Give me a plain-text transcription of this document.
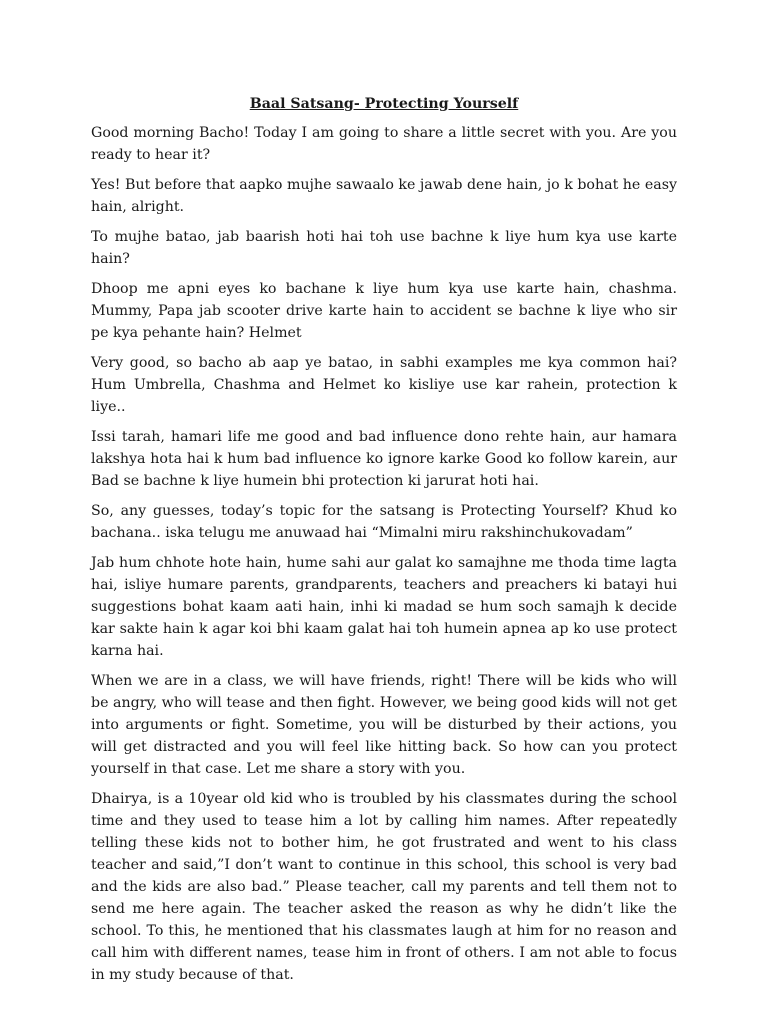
Baal Satsang- Protecting Yourself

Good morning Bacho! Today I am going to share a little secret with you. Are you ready to hear it?

Yes! But before that aapko mujhe sawaalo ke jawab dene hain, jo k bohat he easy hain, alright.

To mujhe batao, jab baarish hoti hai toh use bachne k liye hum kya use karte hain?

Dhoop me apni eyes ko bachane k liye hum kya use karte hain, chashma. Mummy, Papa jab scooter drive karte hain to accident se bachne k liye who sir pe kya pehante hain? Helmet

Very good, so bacho ab aap ye batao, in sabhi examples me kya common hai? Hum Umbrella, Chashma and Helmet ko kisliye use kar rahein, protection k liye..

Issi tarah, hamari life me good and bad influence dono rehte hain, aur hamara lakshya hota hai k hum bad influence ko ignore karke Good ko follow karein, aur Bad se bachne k liye humein bhi protection ki jarurat hoti hai.

So, any guesses, today’s topic for the satsang is Protecting Yourself? Khud ko bachana.. iska telugu me anuwaad hai “Mimalni miru rakshinchukovadam”

Jab hum chhote hote hain, hume sahi aur galat ko samajhne me thoda time lagta hai, isliye humare parents, grandparents, teachers and preachers ki batayi hui suggestions bohat kaam aati hain, inhi ki madad se hum soch samajh k decide kar sakte hain k agar koi bhi kaam galat hai toh humein apnea ap ko use protect karna hai.

When we are in a class, we will have friends, right! There will be kids who will be angry, who will tease and then fight. However, we being good kids will not get into arguments or fight. Sometime, you will be disturbed by their actions, you will get distracted and you will feel like hitting back. So how can you protect yourself in that case. Let me share a story with you.

Dhairya, is a 10year old kid who is troubled by his classmates during the school time and they used to tease him a lot by calling him names. After repeatedly telling these kids not to bother him, he got frustrated and went to his class teacher and said,”I don’t want to continue in this school, this school is very bad and the kids are also bad.” Please teacher, call my parents and tell them not to send me here again. The teacher asked the reason as why he didn’t like the school. To this, he mentioned that his classmates laugh at him for no reason and call him with different names, tease him in front of others. I am not able to focus in my study because of that.
